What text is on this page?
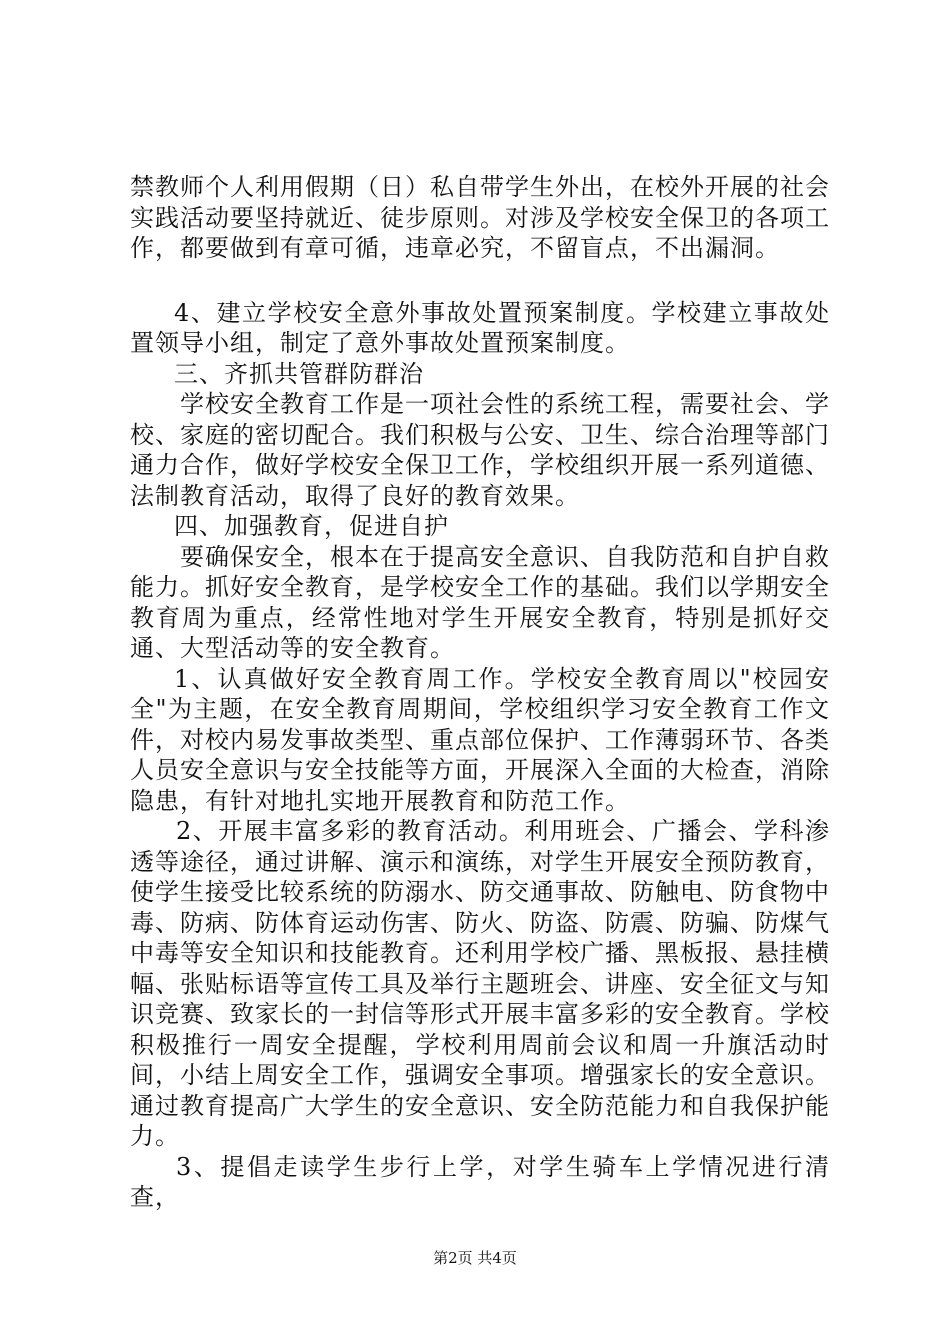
禁教师个人利用假期（日）私自带学生外出，在校外开展的社会实践活动要坚持就近、徒步原则。对涉及学校安全保卫的各项工作，都要做到有章可循，违章必究，不留盲点，不出漏洞。

4、建立学校安全意外事故处置预案制度。学校建立事故处置领导小组，制定了意外事故处置预案制度。

三、齐抓共管群防群治

学校安全教育工作是一项社会性的系统工程，需要社会、学校、家庭的密切配合。我们积极与公安、卫生、综合治理等部门通力合作，做好学校安全保卫工作，学校组织开展一系列道德、法制教育活动，取得了良好的教育效果。

四、加强教育，促进自护

要确保安全，根本在于提高安全意识、自我防范和自护自救能力。抓好安全教育，是学校安全工作的基础。我们以学期安全教育周为重点，经常性地对学生开展安全教育，特别是抓好交通、大型活动等的安全教育。

1、认真做好安全教育周工作。学校安全教育周以"校园安全"为主题，在安全教育周期间，学校组织学习安全教育工作文件，对校内易发事故类型、重点部位保护、工作薄弱环节、各类人员安全意识与安全技能等方面，开展深入全面的大检查，消除隐患，有针对地扎实地开展教育和防范工作。

2、开展丰富多彩的教育活动。利用班会、广播会、学科渗透等途径，通过讲解、演示和演练，对学生开展安全预防教育，使学生接受比较系统的防溺水、防交通事故、防触电、防食物中毒、防病、防体育运动伤害、防火、防盗、防震、防骗、防煤气中毒等安全知识和技能教育。还利用学校广播、黑板报、悬挂横幅、张贴标语等宣传工具及举行主题班会、讲座、安全征文与知识竞赛、致家长的一封信等形式开展丰富多彩的安全教育。学校积极推行一周安全提醒，学校利用周前会议和周一升旗活动时间，小结上周安全工作，强调安全事项。增强家长的安全意识。通过教育提高广大学生的安全意识、安全防范能力和自我保护能力。

3、提倡走读学生步行上学，对学生骑车上学情况进行清查，

第2页 共4页
